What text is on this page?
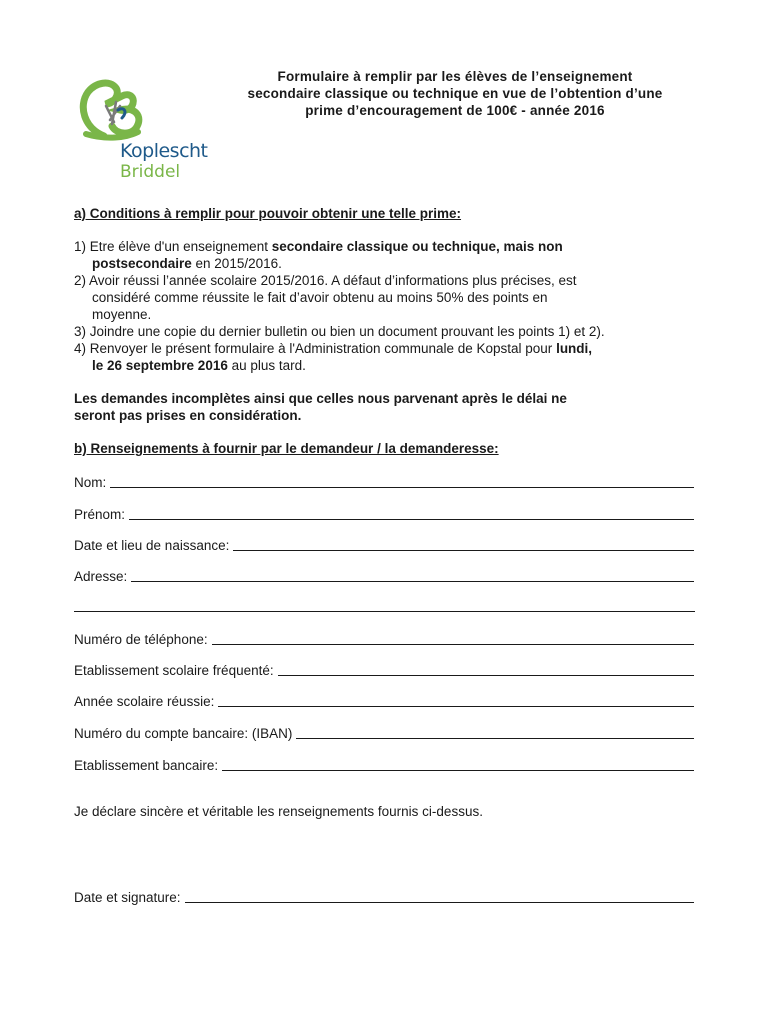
Koplescht
Briddel
Formulaire à remplir par les élèves de l’enseignement
secondaire classique ou technique en vue de l’obtention d’une
prime d’encouragement de 100€ - année 2016
a) Conditions à remplir pour pouvoir obtenir une telle prime:
1) Etre élève d'un enseignement secondaire classique ou technique, mais non
postsecondaire en 2015/2016.
2) Avoir réussi l’année scolaire 2015/2016. A défaut d’informations plus précises, est
considéré comme réussite le fait d’avoir obtenu au moins 50% des points en
moyenne.
3) Joindre une copie du dernier bulletin ou bien un document prouvant les points 1) et 2).
4) Renvoyer le présent formulaire à l'Administration communale de Kopstal pour lundi,
le 26 septembre 2016 au plus tard.
Les demandes incomplètes ainsi que celles nous parvenant après le délai ne
seront pas prises en considération.
b) Renseignements à fournir par le demandeur / la demanderesse:
Nom:
Prénom:
Date et lieu de naissance:
Adresse:
Numéro de téléphone:
Etablissement scolaire fréquenté:
Année scolaire réussie:
Numéro du compte bancaire: (IBAN)
Etablissement bancaire:
Je déclare sincère et véritable les renseignements fournis ci-dessus.
Date et signature:
